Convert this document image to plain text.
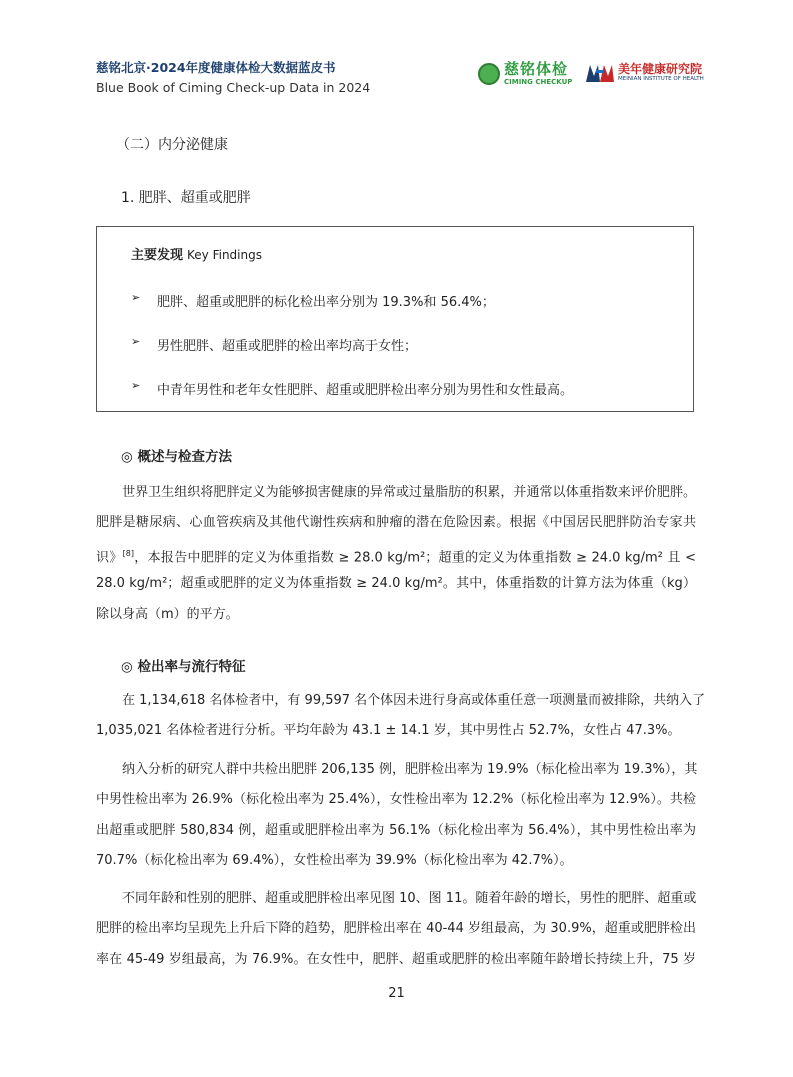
慈铭北京·2024年度健康体检大数据蓝皮书
Blue Book of Ciming Check-up Data in 2024
慈铭体检
CIMING CHECKUP
美年健康研究院
MEINIAN INSTITUTE OF HEALTH
（二）内分泌健康
1. 肥胖、超重或肥胖
主要发现 Key Findings
➢	肥胖、超重或肥胖的标化检出率分别为 19.3%和 56.4%；
➢	男性肥胖、超重或肥胖的检出率均高于女性；
➢	中青年男性和老年女性肥胖、超重或肥胖检出率分别为男性和女性最高。
◎ 概述与检查方法
　　世界卫生组织将肥胖定义为能够损害健康的异常或过量脂肪的积累，并通常以体重指数来评价肥胖。
肥胖是糖尿病、心血管疾病及其他代谢性疾病和肿瘤的潜在危险因素。根据《中国居民肥胖防治专家共
识》[8]，本报告中肥胖的定义为体重指数 ≥ 28.0 kg/m²；超重的定义为体重指数 ≥ 24.0 kg/m² 且 <
28.0 kg/m²；超重或肥胖的定义为体重指数 ≥ 24.0 kg/m²。其中，体重指数的计算方法为体重（kg）
除以身高（m）的平方。
◎ 检出率与流行特征
　　在 1,134,618 名体检者中，有 99,597 名个体因未进行身高或体重任意一项测量而被排除，共纳入了
1,035,021 名体检者进行分析。平均年龄为 43.1 ± 14.1 岁，其中男性占 52.7%，女性占 47.3%。
　　纳入分析的研究人群中共检出肥胖 206,135 例，肥胖检出率为 19.9%（标化检出率为 19.3%），其
中男性检出率为 26.9%（标化检出率为 25.4%），女性检出率为 12.2%（标化检出率为 12.9%）。共检
出超重或肥胖 580,834 例，超重或肥胖检出率为 56.1%（标化检出率为 56.4%），其中男性检出率为
70.7%（标化检出率为 69.4%），女性检出率为 39.9%（标化检出率为 42.7%）。
　　不同年龄和性别的肥胖、超重或肥胖检出率见图 10、图 11。随着年龄的增长，男性的肥胖、超重或
肥胖的检出率均呈现先上升后下降的趋势，肥胖检出率在 40-44 岁组最高，为 30.9%，超重或肥胖检出
率在 45-49 岁组最高，为 76.9%。在女性中，肥胖、超重或肥胖的检出率随年龄增长持续上升，75 岁
21
